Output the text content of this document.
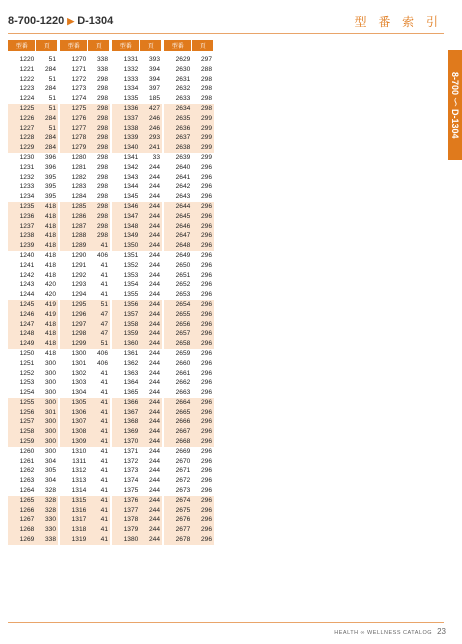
8-700-1220 ▶ D-1304	型 番 索 引
8-700 〜 D-1304
型番	頁
1220	51
1221	284
1222	51
1223	284
1224	51
1225	51
1226	284
1227	51
1228	284
1229	284
1230	396
1231	396
1232	395
1233	395
1234	395
1235	418
1236	418
1237	418
1238	418
1239	418
1240	418
1241	418
1242	418
1243	420
1244	420
1245	419
1246	419
1247	418
1248	418
1249	418
1250	418
1251	300
1252	300
1253	300
1254	300
1255	300
1256	301
1257	300
1258	300
1259	300
1260	300
1261	304
1262	305
1263	304
1264	328
1265	328
1266	328
1267	330
1268	330
1269	338
型番	頁
1270	338
1271	338
1272	298
1273	298
1274	298
1275	298
1276	298
1277	298
1278	298
1279	298
1280	298
1281	298
1282	298
1283	298
1284	298
1285	298
1286	298
1287	298
1288	298
1289	41
1290	406
1291	41
1292	41
1293	41
1294	41
1295	51
1296	47
1297	47
1298	47
1299	51
1300	406
1301	406
1302	41
1303	41
1304	41
1305	41
1306	41
1307	41
1308	41
1309	41
1310	41
1311	41
1312	41
1313	41
1314	41
1315	41
1316	41
1317	41
1318	41
1319	41
型番	頁
1331	393
1332	394
1333	394
1334	397
1335	185
1336	427
1337	246
1338	246
1339	293
1340	241
1341	33
1342	244
1343	244
1344	244
1345	244
1346	244
1347	244
1348	244
1349	244
1350	244
1351	244
1352	244
1353	244
1354	244
1355	244
1356	244
1357	244
1358	244
1359	244
1360	244
1361	244
1362	244
1363	244
1364	244
1365	244
1366	244
1367	244
1368	244
1369	244
1370	244
1371	244
1372	244
1373	244
1374	244
1375	244
1376	244
1377	244
1378	244
1379	244
1380	244
型番	頁
2629	297
2630	288
2631	298
2632	298
2633	298
2634	298
2635	299
2636	299
2637	299
2638	299
2639	299
2640	296
2641	296
2642	296
2643	296
2644	296
2645	296
2646	296
2647	296
2648	296
2649	296
2650	296
2651	296
2652	296
2653	296
2654	296
2655	296
2656	296
2657	296
2658	296
2659	296
2660	296
2661	296
2662	296
2663	296
2664	296
2665	296
2666	296
2667	296
2668	296
2669	296
2670	296
2671	296
2672	296
2673	296
2674	296
2675	296
2676	296
2677	296
2678	296
HEALTH ∞ WELLNESS CATALOG 23
